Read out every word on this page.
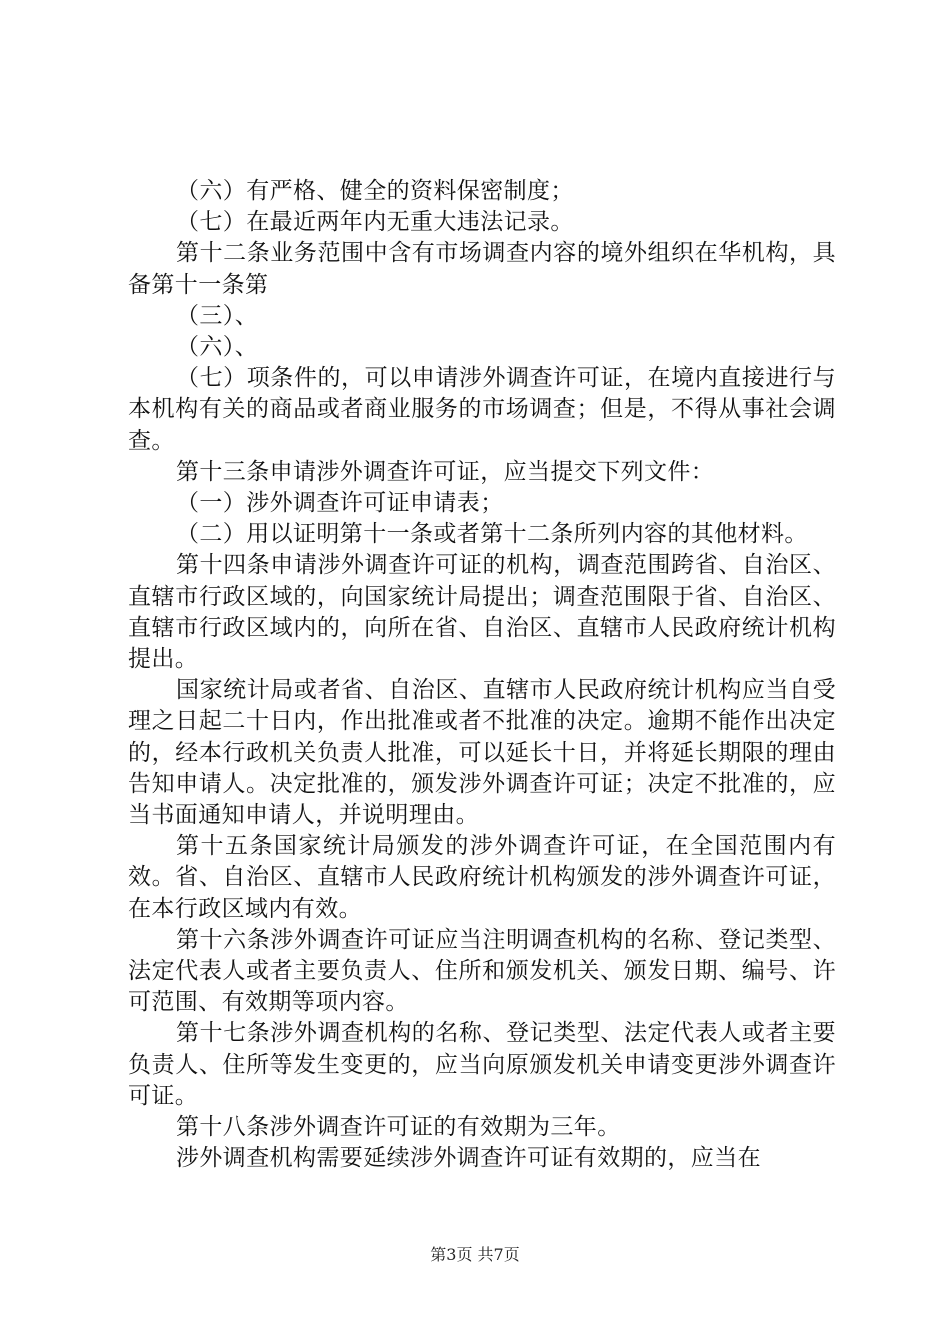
（六）有严格、健全的资料保密制度；

（七）在最近两年内无重大违法记录。

第十二条业务范围中含有市场调查内容的境外组织在华机构，具备第十一条第

（三）、

（六）、

（七）项条件的，可以申请涉外调查许可证，在境内直接进行与本机构有关的商品或者商业服务的市场调查；但是，不得从事社会调查。

第十三条申请涉外调查许可证，应当提交下列文件：

（一）涉外调查许可证申请表；

（二）用以证明第十一条或者第十二条所列内容的其他材料。

第十四条申请涉外调查许可证的机构，调查范围跨省、自治区、直辖市行政区域的，向国家统计局提出；调查范围限于省、自治区、直辖市行政区域内的，向所在省、自治区、直辖市人民政府统计机构提出。

国家统计局或者省、自治区、直辖市人民政府统计机构应当自受理之日起二十日内，作出批准或者不批准的决定。逾期不能作出决定的，经本行政机关负责人批准，可以延长十日，并将延长期限的理由告知申请人。决定批准的，颁发涉外调查许可证；决定不批准的，应当书面通知申请人，并说明理由。

第十五条国家统计局颁发的涉外调查许可证，在全国范围内有效。省、自治区、直辖市人民政府统计机构颁发的涉外调查许可证，在本行政区域内有效。

第十六条涉外调查许可证应当注明调查机构的名称、登记类型、法定代表人或者主要负责人、住所和颁发机关、颁发日期、编号、许可范围、有效期等项内容。

第十七条涉外调查机构的名称、登记类型、法定代表人或者主要负责人、住所等发生变更的，应当向原颁发机关申请变更涉外调查许可证。

第十八条涉外调查许可证的有效期为三年。

涉外调查机构需要延续涉外调查许可证有效期的，应当在

第3页 共7页
